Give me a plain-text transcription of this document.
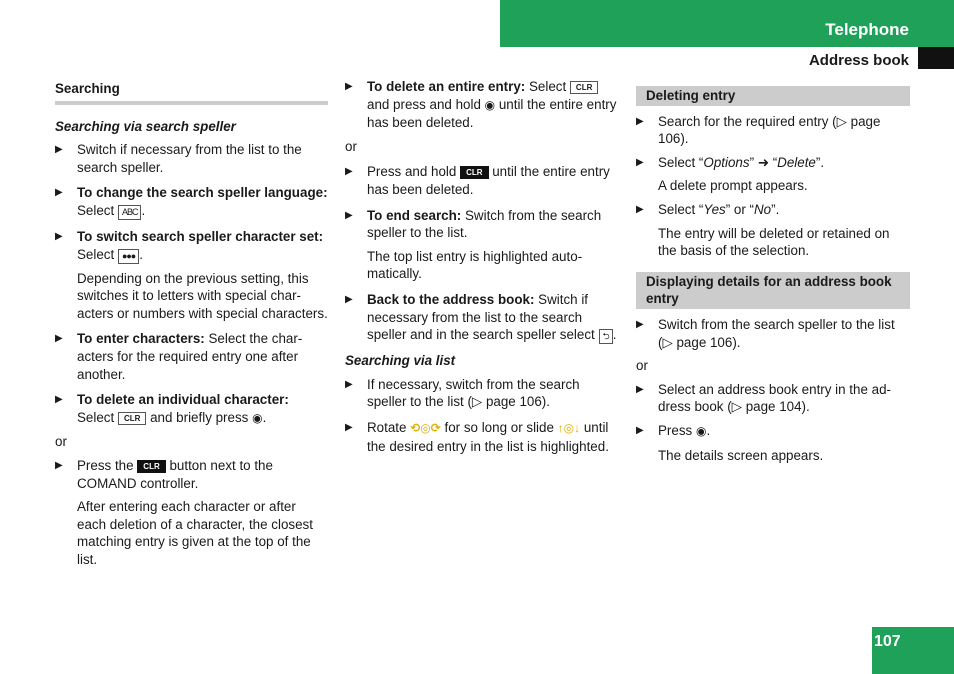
Telephone
Address book
Searching
Searching via search speller
▶ Switch if necessary from the list to the search speller.
▶ To change the search speller language: Select ABC .
▶ To switch search speller character set: Select ●●● .
Depending on the previous setting, this switches it to letters with special characters or numbers with special characters.
▶ To enter characters: Select the characters for the required entry one after another.
▶ To delete an individual character: Select CLR and briefly press ◉.
or
▶ Press the CLR button next to the COMAND controller.
After entering each character or after each deletion of a character, the closest matching entry is given at the top of the list.
▶ To delete an entire entry: Select CLR and press and hold ◉ until the entire entry has been deleted.
or
▶ Press and hold CLR until the entire entry has been deleted.
▶ To end search: Switch from the search speller to the list.
The top list entry is highlighted automatically.
▶ Back to the address book: Switch if necessary from the list to the search speller and in the search speller select ⮌ .
Searching via list
▶ If necessary, switch from the search speller to the list (▷ page 106).
▶ Rotate ⟲◎⟳ for so long or slide ↑◎↓ until the desired entry in the list is highlighted.
Deleting entry
▶ Search for the required entry (▷ page 106).
▶ Select “Options” ➜ “Delete”.
A delete prompt appears.
▶ Select “Yes” or “No”.
The entry will be deleted or retained on the basis of the selection.
Displaying details for an address book entry
▶ Switch from the search speller to the list (▷ page 106).
or
▶ Select an address book entry in the address book (▷ page 104).
▶ Press ◉.
The details screen appears.
107
